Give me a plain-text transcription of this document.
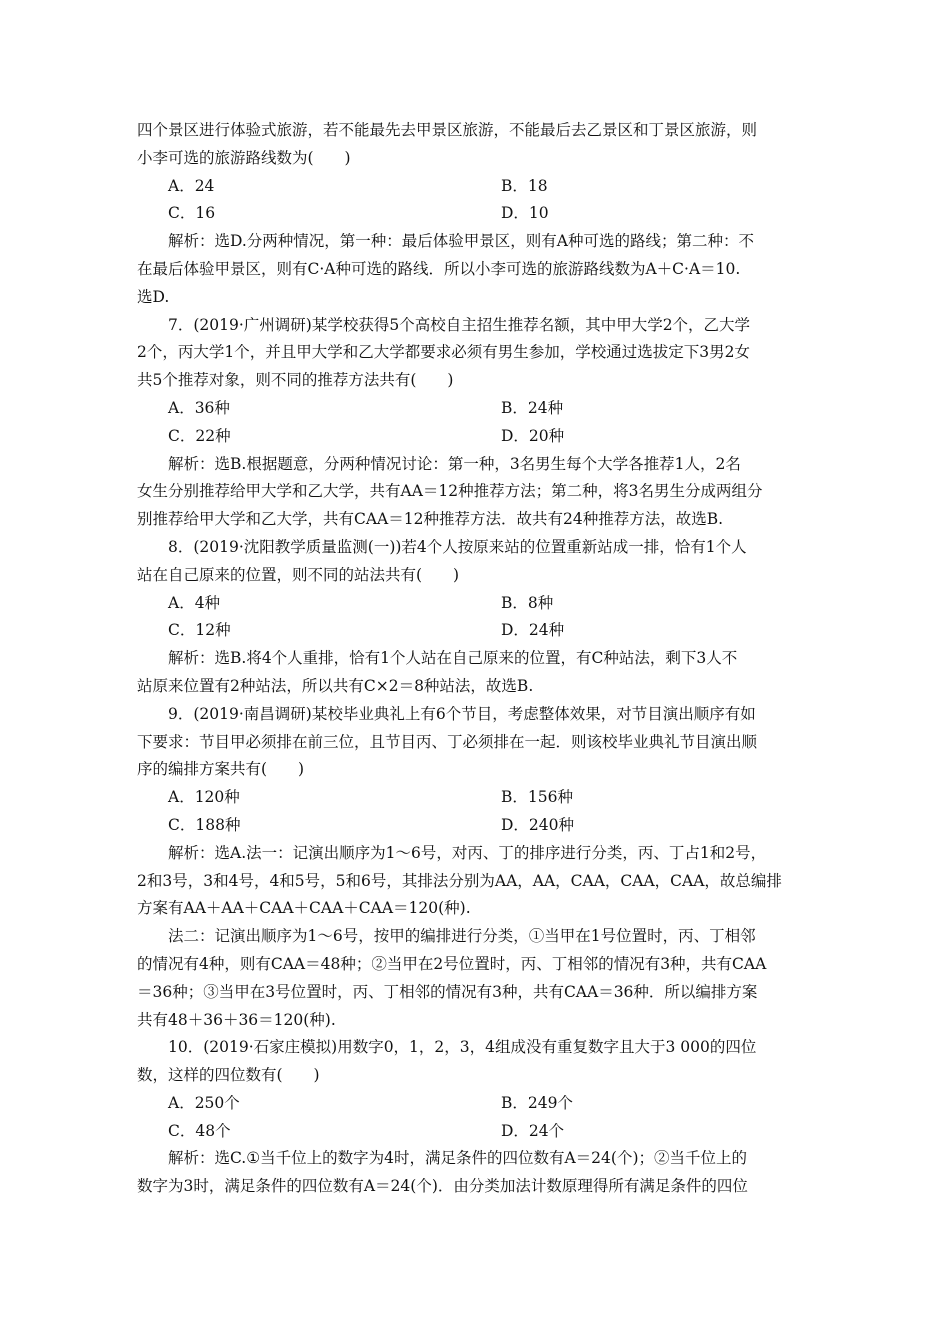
四个景区进行体验式旅游，若不能最先去甲景区旅游，不能最后去乙景区和丁景区旅游，则
小李可选的旅游路线数为(　　)
A．24	B．18
C．16	D．10
解析：选D.分两种情况，第一种：最后体验甲景区，则有A种可选的路线；第二种：不
在最后体验甲景区，则有C·A种可选的路线．所以小李可选的旅游路线数为A＋C·A＝10.
选D.
7．(2019·广州调研)某学校获得5个高校自主招生推荐名额，其中甲大学2个，乙大学
2个，丙大学1个，并且甲大学和乙大学都要求必须有男生参加，学校通过选拔定下3男2女
共5个推荐对象，则不同的推荐方法共有(　　)
A．36种	B．24种
C．22种	D．20种
解析：选B.根据题意，分两种情况讨论：第一种，3名男生每个大学各推荐1人，2名
女生分别推荐给甲大学和乙大学，共有AA＝12种推荐方法；第二种，将3名男生分成两组分
别推荐给甲大学和乙大学，共有CAA＝12种推荐方法．故共有24种推荐方法，故选B.
8．(2019·沈阳教学质量监测(一))若4个人按原来站的位置重新站成一排，恰有1个人
站在自己原来的位置，则不同的站法共有(　　)
A．4种	B．8种
C．12种	D．24种
解析：选B.将4个人重排，恰有1个人站在自己原来的位置，有C种站法，剩下3人不
站原来位置有2种站法，所以共有C×2＝8种站法，故选B.
9．(2019·南昌调研)某校毕业典礼上有6个节目，考虑整体效果，对节目演出顺序有如
下要求：节目甲必须排在前三位，且节目丙、丁必须排在一起．则该校毕业典礼节目演出顺
序的编排方案共有(　　)
A．120种	B．156种
C．188种	D．240种
解析：选A.法一：记演出顺序为1～6号，对丙、丁的排序进行分类，丙、丁占1和2号，
2和3号，3和4号，4和5号，5和6号，其排法分别为AA，AA，CAA，CAA，CAA，故总编排
方案有AA＋AA＋CAA＋CAA＋CAA＝120(种).
法二：记演出顺序为1～6号，按甲的编排进行分类，①当甲在1号位置时，丙、丁相邻
的情况有4种，则有CAA＝48种；②当甲在2号位置时，丙、丁相邻的情况有3种，共有CAA
＝36种；③当甲在3号位置时，丙、丁相邻的情况有3种，共有CAA＝36种．所以编排方案
共有48＋36＋36＝120(种).
10．(2019·石家庄模拟)用数字0，1，2，3，4组成没有重复数字且大于3 000的四位
数，这样的四位数有(　　)
A．250个	B．249个
C．48个	D．24个
解析：选C.①当千位上的数字为4时，满足条件的四位数有A＝24(个)；②当千位上的
数字为3时，满足条件的四位数有A＝24(个)．由分类加法计数原理得所有满足条件的四位
